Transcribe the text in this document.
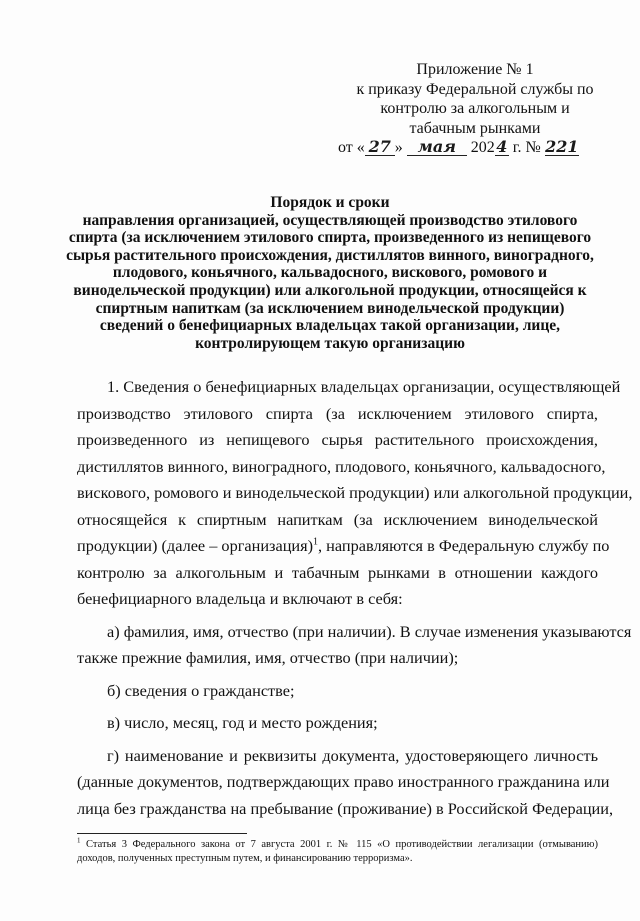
Приложение № 1
к приказу Федеральной службы по
контролю за алкогольным и
табачным рынками
от « 27 » мая 2024 г. № 221
Порядок и сроки
направления организацией, осуществляющей производство этилового
спирта (за исключением этилового спирта, произведенного из непищевого
сырья растительного происхождения, дистиллятов винного, виноградного,
плодового, коньячного, кальвадосного, вискового, ромового и
винодельческой продукции) или алкогольной продукции, относящейся к
спиртным напиткам (за исключением винодельческой продукции)
сведений о бенефициарных владельцах такой организации, лице,
контролирующем такую организацию
1. Сведения о бенефициарных владельцах организации, осуществляющей
производство этилового спирта (за исключением этилового спирта,
произведенного из непищевого сырья растительного происхождения,
дистиллятов винного, виноградного, плодового, коньячного, кальвадосного,
вискового, ромового и винодельческой продукции) или алкогольной продукции,
относящейся к спиртным напиткам (за исключением винодельческой
продукции) (далее – организация)$^1$, направляются в Федеральную службу по
контролю за алкогольным и табачным рынками в отношении каждого
бенефициарного владельца и включают в себя:
а) фамилия, имя, отчество (при наличии). В случае изменения указываются
также прежние фамилия, имя, отчество (при наличии);
б) сведения о гражданстве;
в) число, месяц, год и место рождения;
г) наименование и реквизиты документа, удостоверяющего личность
(данные документов, подтверждающих право иностранного гражданина или
лица без гражданства на пребывание (проживание) в Российской Федерации,
$^1$ Статья 3 Федерального закона от 7 августа 2001 г. № 115 «О противодействии легализации (отмыванию)
доходов, полученных преступным путем, и финансированию терроризма».
